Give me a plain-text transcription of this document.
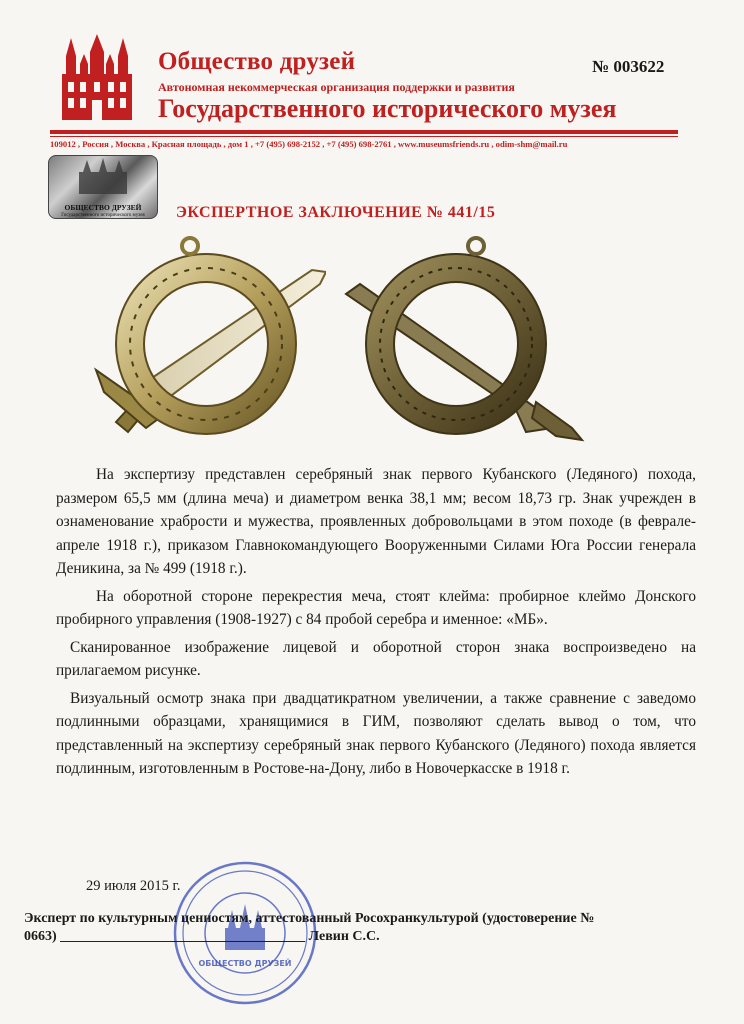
Общество друзей
Автономная некоммерческая организация поддержки и развития
Государственного исторического музея
№ 003622
109012 , Россия , Москва , Красная площадь , дом 1 , +7 (495) 698-2152 , +7 (495) 698-2761 , www.museumsfriends.ru , odim-shm@mail.ru
ОБЩЕСТВО ДРУЗЕЙ
Государственного исторического музея	ЭКСПЕРТНОЕ ЗАКЛЮЧЕНИЕ № 441/15

На экспертизу представлен серебряный знак первого Кубанского (Ледяного) похода, размером 65,5 мм (длина меча) и диаметром венка 38,1 мм; весом 18,73 гр. Знак учрежден в ознаменование храбрости и мужества, проявленных добровольцами в этом походе (в феврале-апреле 1918 г.), приказом Главнокомандующего Вооруженными Силами Юга России генерала Деникина, за № 499 (1918 г.).

На оборотной стороне перекрестия меча, стоят клейма: пробирное клеймо Донского пробирного управления (1908-1927) с 84 пробой серебра и именное: «МБ».

Сканированное изображение лицевой и оборотной сторон знака воспроизведено на прилагаемом рисунке.

Визуальный осмотр знака при двадцатикратном увеличении, а также сравнение с заведомо подлинными образцами, хранящимися в ГИМ, позволяют сделать вывод о том, что представленный на экспертизу серебряный знак первого Кубанского (Ледяного) похода является подлинным, изготовленным в Ростове-на-Дону, либо в Новочеркасске в 1918 г.

29 июля 2015 г.
ОБЩЕСТВО ДРУЗЕЙ
Эксперт по культурным ценностям, аттестованный Росохранкультурой (удостоверение №
0663) ___________________________________ Левин С.С.
